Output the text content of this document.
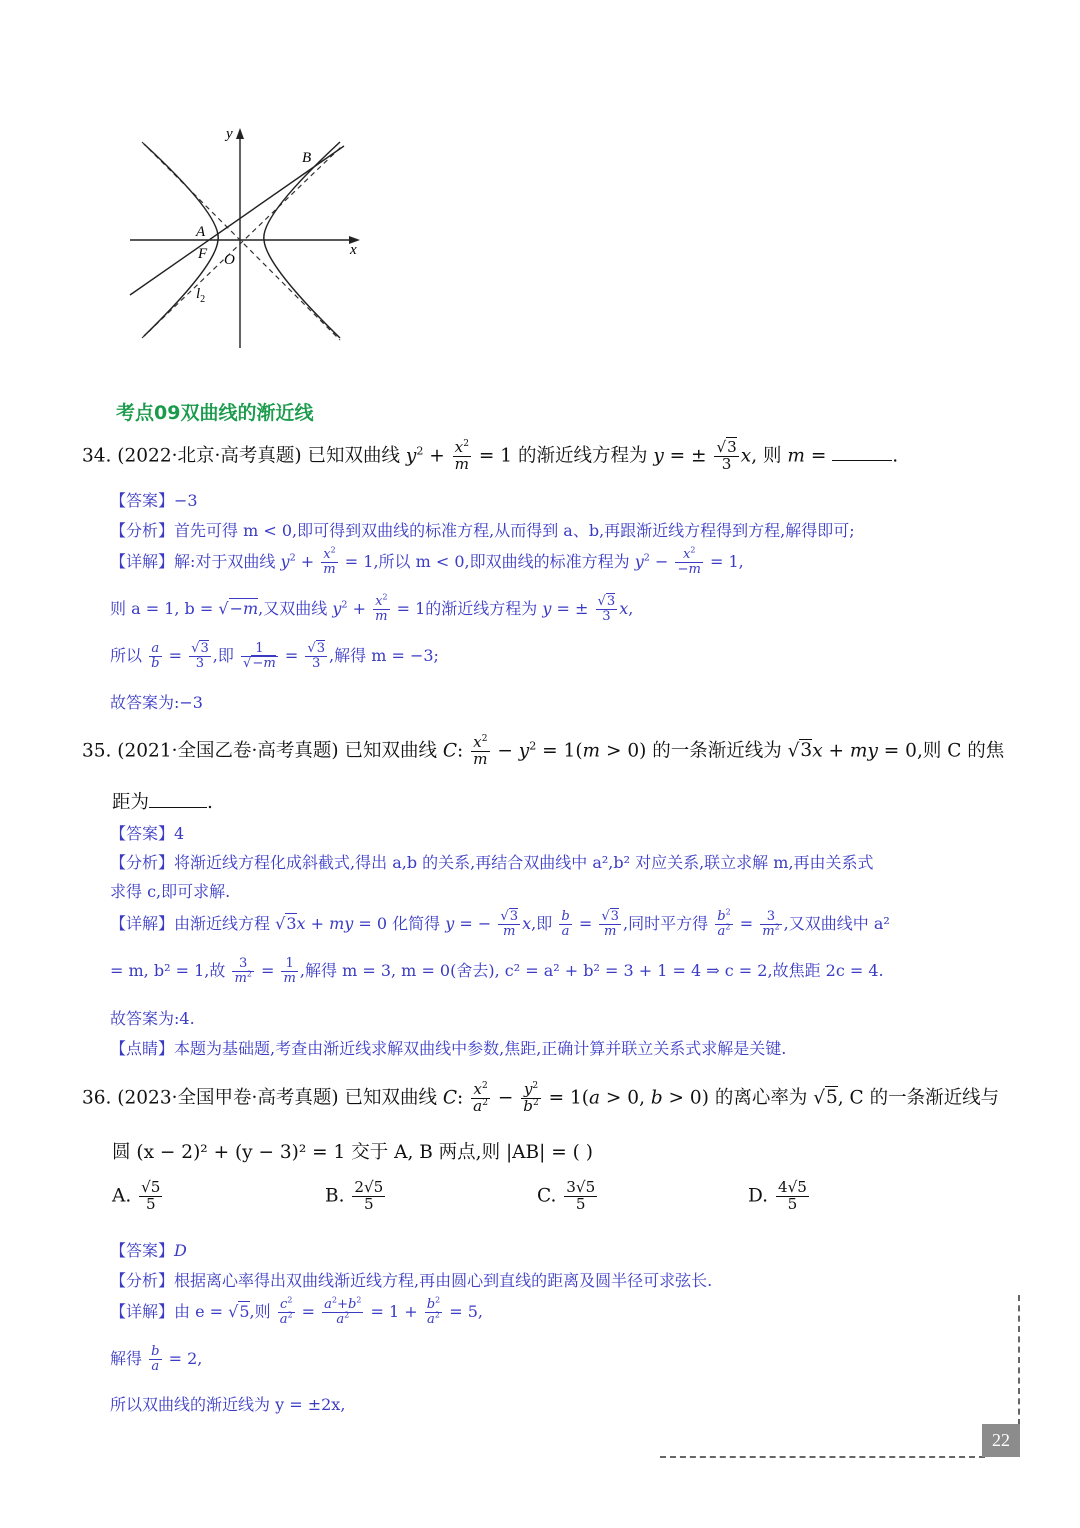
y
x
B
A
F O
$l_2$
考点09双曲线的渐近线
34. (2022·北京·高考真题) 已知双曲线 $y^2 + \frac{x^2}{m} = 1$ 的渐近线方程为 y = ± $\frac{√3}{3} x$, 则 m =	.
【答案】−3
【分析】首先可得 m < 0,即可得到双曲线的标准方程,从而得到 a、b,再跟渐近线方程得到方程,解得即可;
【详解】解:对于双曲线 $y^2 + \frac{x^2}{m} = 1$,所以 m < 0,即双曲线的标准方程为 $y^2 - \frac{x^2}{-m} = 1$,
则 a = 1, b = √−m,又双曲线 $y^2 + \frac{x^2}{m} = 1$的渐近线方程为 y = ± $\frac{√3}{3} x$,
所以 $\frac{a}{b} = \frac{√3}{3}$ ,即 $\frac{1}{√-m} = \frac{√3}{3}$ ,解得 m = −3;
故答案为:−3
35. (2021·全国乙卷·高考真题) 已知双曲线 C: $\frac{x^2}{m} - y^2 = 1(m > 0)$ 的一条渐近线为 √3x + my = 0,则 C 的焦
距为	.
【答案】4
【分析】将渐近线方程化成斜截式,得出 a,b 的关系,再结合双曲线中 a²,b² 对应关系,联立求解 m,再由关系式
求得 c,即可求解.
【详解】由渐近线方程 √3x + my = 0 化简得 y = − $\frac{√3}{m} x$,即 $\frac{b}{a} = \frac{√3}{m}$ ,同时平方得 $\frac{b^2}{a^2} = \frac{3}{m^2}$ ,又双曲线中 a²
= m, b² = 1,故 $\frac{3}{m^2} = \frac{1}{m}$ ,解得 m = 3, m = 0(舍去), c² = a² + b² = 3 + 1 = 4 ⇒ c = 2,故焦距 2c = 4.
故答案为:4.
【点睛】本题为基础题,考查由渐近线求解双曲线中参数,焦距,正确计算并联立关系式求解是关键.
36. (2023·全国甲卷·高考真题) 已知双曲线 C: $\frac{x^2}{a^2} - \frac{y^2}{b^2} = 1(a > 0$, b > 0) 的离心率为 √5, C 的一条渐近线与
圆 (x − 2)² + (y − 3)² = 1 交于 A, B 两点,则 |AB| = ( )
A. $\frac{√5}{5}$	B. $\frac{2√5}{5}$	C. $\frac{3√5}{5}$	D. $\frac{4√5}{5}$
【答案】D
【分析】根据离心率得出双曲线渐近线方程,再由圆心到直线的距离及圆半径可求弦长.
【详解】由 e = √5,则 $\frac{c^2}{a^2} = \frac{a^2+b^2}{a^2} = 1 + \frac{b^2}{a^2} = 5$,
解得 $\frac{b}{a} = 2$,
所以双曲线的渐近线为 y = ±2x,
22
